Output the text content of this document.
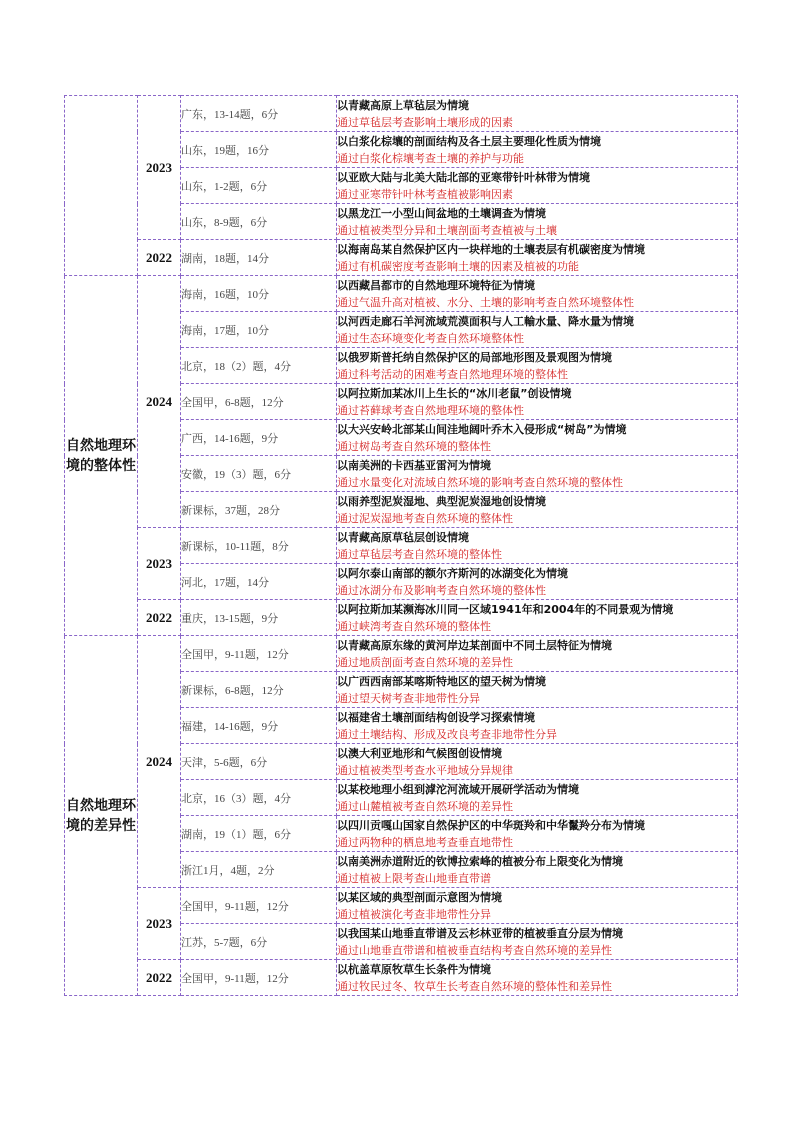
	2023	广东，13-14题，6分	以青藏高原上草毡层为情境
通过草毡层考查影响土壤形成的因素

		山东，19题，16分	以白浆化棕壤的剖面结构及各土层主要理化性质为情境
通过白浆化棕壤考查土壤的养护与功能

		山东，1-2题，6分	以亚欧大陆与北美大陆北部的亚寒带针叶林带为情境
通过亚寒带针叶林考查植被影响因素

		山东，8-9题，6分	以黑龙江一小型山间盆地的土壤调查为情境
通过植被类型分异和土壤剖面考查植被与土壤

	2022	湖南，18题，14分	以海南岛某自然保护区内一块样地的土壤表层有机碳密度为情境
通过有机碳密度考查影响土壤的因素及植被的功能

自然地理环境的整体性	2024	海南，16题，10分	以西藏昌都市的自然地理环境特征为情境
通过气温升高对植被、水分、土壤的影响考查自然环境整体性

		海南，17题，10分	以河西走廊石羊河流域荒漠面积与人工輸水量、降水量为情境
通过生态环境变化考查自然环境整体性

		北京，18（2）题，4分	以俄罗斯普托纳自然保护区的局部地形图及景观图为情境
通过科考活动的困难考查自然地理环境的整体性

		全国甲，6-8题，12分	以阿拉斯加某冰川上生长的“冰川老鼠”创设情境
通过苔藓球考查自然地理环境的整体性

		广西，14-16题，9分	以大兴安岭北部某山间洼地阔叶乔木入侵形成“树岛”为情境
通过树岛考查自然环境的整体性

		安徽，19（3）题，6分	以南美洲的卡西基亚雷河为情境
通过水量变化对流域自然环境的影响考查自然环境的整体性

		新课标，37题，28分	以雨养型泥炭湿地、典型泥炭湿地创设情境
通过泥炭湿地考查自然环境的整体性

	2023	新课标，10-11题，8分	以青藏高原草毡层创设情境
通过草毡层考查自然环境的整体性

		河北，17题，14分	以阿尔泰山南部的额尔齐斯河的冰湖变化为情境
通过冰湖分布及影响考查自然环境的整体性

	2022	重庆，13-15题，9分	以阿拉斯加某濒海冰川同一区域1941年和2004年的不同景观为情境
通过峡湾考查自然环境的整体性

自然地理环境的差异性	2024	全国甲，9-11题，12分	以青藏高原东缘的黄河岸边某剖面中不同土层特征为情境
通过地质剖面考查自然环境的差异性

		新课标，6-8题，12分	以广西西南部某喀斯特地区的望天树为情境
通过望天树考查非地带性分异

		福建，14-16题，9分	以福建省土壤剖面结构创设学习探索情境
通过土壤结构、形成及改良考查非地带性分异

		天津，5-6题，6分	以澳大利亚地形和气候图创设情境
通过植被类型考查水平地域分异规律

		北京，16（3）题，4分	以某校地理小组到滹沱河流域开展研学活动为情境
通过山麓植被考查自然环境的差异性

		湖南，19（1）题，6分	以四川贡嘎山国家自然保护区的中华斑羚和中华鬣羚分布为情境
通过两物种的栖息地考查垂直地带性

		浙江1月，4题，2分	以南美洲赤道附近的钦博拉索峰的植被分布上限变化为情境
通过植被上限考查山地垂直带谱

	2023	全国甲，9-11题，12分	以某区域的典型剖面示意图为情境
通过植被演化考查非地带性分异

		江苏，5-7题，6分	以我国某山地垂直带谱及云杉林亚带的植被垂直分层为情境
通过山地垂直带谱和植被垂直结构考查自然环境的差异性

	2022	全国甲，9-11题，12分	以杭盖草原牧草生长条件为情境
通过牧民过冬、牧草生长考查自然环境的整体性和差异性
